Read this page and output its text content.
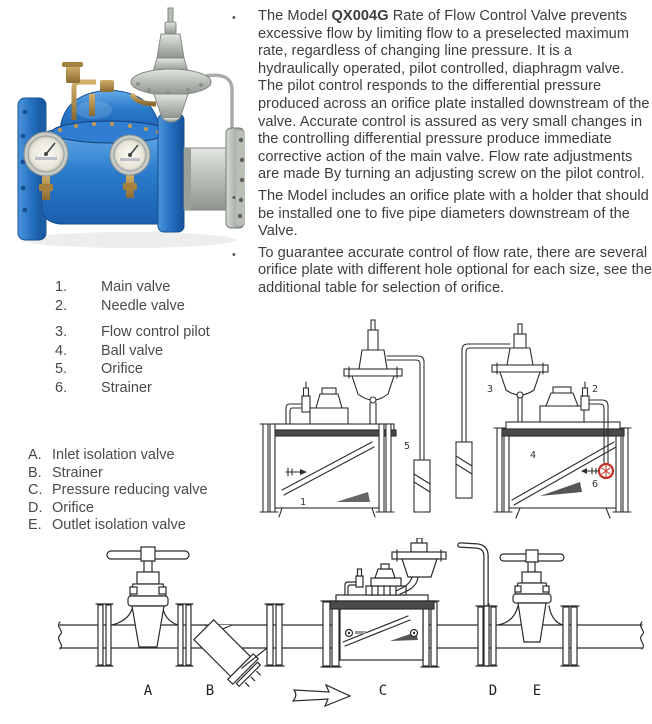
• The Model QX004G Rate of Flow Control Valve prevents excessive flow by limiting flow to a preselected maximum rate, regardless of changing line pressure. It is a hydraulically operated, pilot controlled, diaphragm valve. The pilot control responds to the differential pressure produced across an orifice plate installed downstream of the valve. Accurate control is assured as very small changes in the controlling differential pressure produce immediate corrective action of the main valve. Flow rate adjustments are made By turning an adjusting screw on the pilot control.

• The Model includes an orifice plate with a holder that should be installed one to five pipe diameters downstream of the Valve.

• To guarantee accurate control of flow rate, there are several orifice plate with different hole optional for each size, see the additional table for selection of orifice.

1.	Main valve
2.	Needle valve
3.	Flow control pilot
4.	Ball valve
5.	Orifice
6.	Strainer
A. Inlet isolation valve
B. Strainer
C. Pressure reducing valve
D. Orifice
E. Outlet isolation valve
5
1
3	2
4
6
A	B	C	D	E
